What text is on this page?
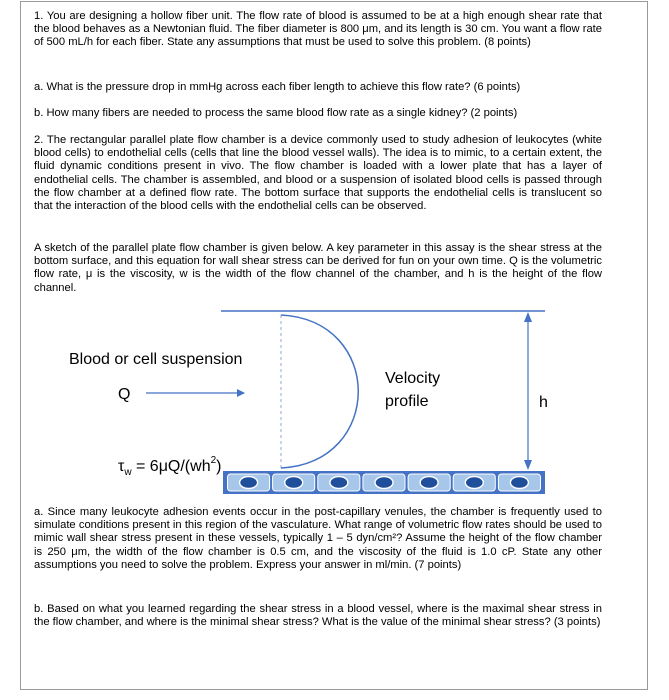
1. You are designing a hollow fiber unit. The flow rate of blood is assumed to be at a high enough shear rate that the blood behaves as a Newtonian fluid. The fiber diameter is 800 μm, and its length is 30 cm. You want a flow rate of 500 mL/h for each fiber. State any assumptions that must be used to solve this problem. (8 points)

a. What is the pressure drop in mmHg across each fiber length to achieve this flow rate? (6 points)

b. How many fibers are needed to process the same blood flow rate as a single kidney? (2 points)

2. The rectangular parallel plate flow chamber is a device commonly used to study adhesion of leukocytes (white blood cells) to endothelial cells (cells that line the blood vessel walls). The idea is to mimic, to a certain extent, the fluid dynamic conditions present in vivo. The flow chamber is loaded with a lower plate that has a layer of endothelial cells. The chamber is assembled, and blood or a suspension of isolated blood cells is passed through the flow chamber at a defined flow rate. The bottom surface that supports the endothelial cells is translucent so that the interaction of the blood cells with the endothelial cells can be observed.

A sketch of the parallel plate flow chamber is given below. A key parameter in this assay is the shear stress at the bottom surface, and this equation for wall shear stress can be derived for fun on your own time. Q is the volumetric flow rate, μ is the viscosity, w is the width of the flow channel of the chamber, and h is the height of the flow channel.

Blood or cell suspension
Q
Velocity
profile	h
$\tau_w = 6\mu Q/(wh^2)$

a. Since many leukocyte adhesion events occur in the post-capillary venules, the chamber is frequently used to simulate conditions present in this region of the vasculature. What range of volumetric flow rates should be used to mimic wall shear stress present in these vessels, typically 1 – 5 dyn/cm²? Assume the height of the flow chamber is 250 μm, the width of the flow chamber is 0.5 cm, and the viscosity of the fluid is 1.0 cP. State any other assumptions you need to solve the problem. Express your answer in ml/min. (7 points)

b. Based on what you learned regarding the shear stress in a blood vessel, where is the maximal shear stress in the flow chamber, and where is the minimal shear stress? What is the value of the minimal shear stress? (3 points)
